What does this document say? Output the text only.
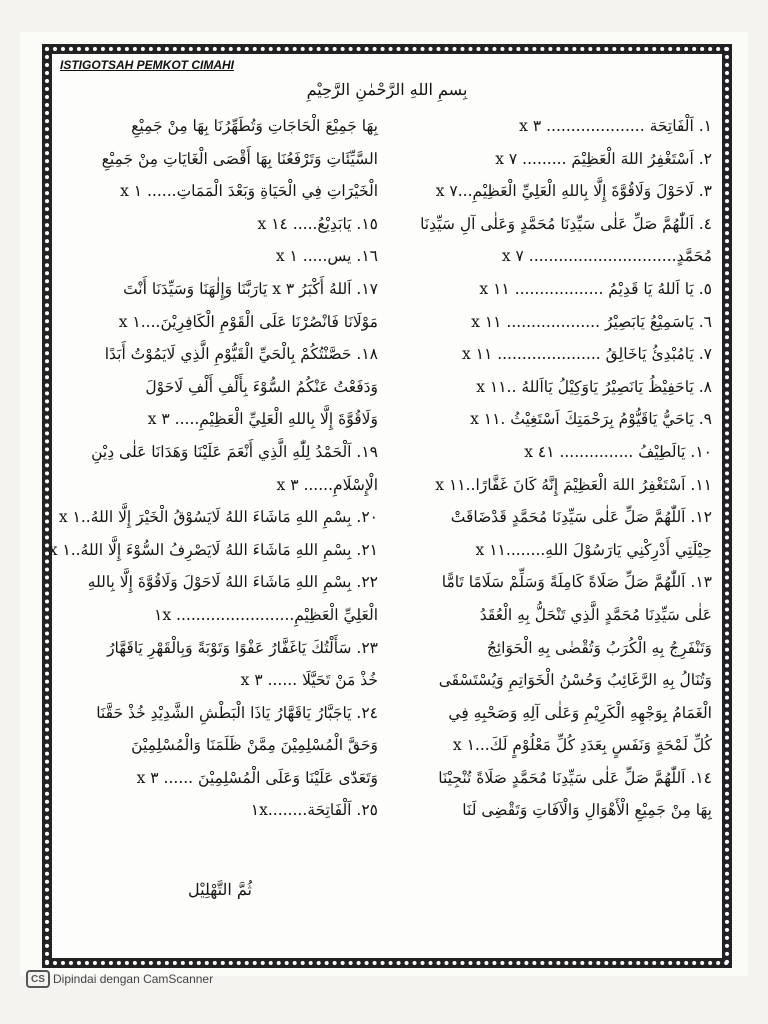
ISTIGOTSAH PEMKOT CIMAHI
بِسمِ اللهِ الرَّحْمٰنِ الرَّحِيْمِ
١. اَلْفَاتِحَة .................... ٣ x
٢. اَسْتَغْفِرُ اللهَ الْعَظِيْمَ ......... ٧ x
٣. لَاحَوْلَ وَلَاقُوَّةَ إِلَّا بِاللهِ الْعَلِيِّ الْعَظِيْمِ...٧ x
٤. اَللّٰهُمَّ صَلِّ عَلٰى سَيِّدِنَا مُحَمَّدٍ وَعَلٰى آلِ سَيِّدِنَا
مُحَمَّدٍ.............................. ٧ x
٥. يَا اَللهُ يَا قَدِيْمُ .................. ١١ x
٦. يَاسَمِيْعُ يَابَصِيْرُ ................... ١١ x
٧. يَامُبْدِئُ يَاخَالِقُ ..................... ١١ x
٨. يَاحَفِيْظُ يَانَصِيْرُ يَاوَكِيْلُ يَااَللهُ ..١١ x
٩. يَاحَيُّ يَاقَيُّوْمُ بِرَحْمَتِكَ اَسْتَغِيْثُ .١١ x
١٠. يَالَطِيْفُ ............... ٤١ x
١١. اَسْتَغْفِرُ اللهَ الْعَظِيْمَ إِنَّهُ كَانَ غَفَّارًا..١١ x
١٢. اَللّٰهُمَّ صَلِّ عَلٰى سَيِّدِنَا مُحَمَّدٍ قَدْضَاقَتْ
حِيْلَتِي أَدْرِكْنِي يَارَسُوْلَ اللهِ........١١ x
١٣. اَللّٰهُمَّ صَلِّ صَلَاةً كَامِلَةً وَسَلِّمْ سَلَامًا تَامًّا
عَلٰى سَيِّدِنَا مُحَمَّدٍ الَّذِي تَنْحَلُّ بِهِ الْعُقَدُ
وَتَنْفَرِجُ بِهِ الْكُرَبُ وَتُقْضٰى بِهِ الْحَوَائِجُ
وَتُنَالُ بِهِ الرَّغَائِبُ وَحُسْنُ الْخَوَاتِمِ وَيُسْتَسْقَى
الْغَمَامُ بِوَجْهِهِ الْكَرِيْمِ وَعَلٰى آلِهِ وَصَحْبِهِ فِي
كُلِّ لَمْحَةٍ وَنَفَسٍ بِعَدَدِ كُلِّ مَعْلُوْمٍ لَكَ...١ x
١٤. اَللّٰهُمَّ صَلِّ عَلٰى سَيِّدِنَا مُحَمَّدٍ صَلَاةً تُنْجِيْنَا
بِهَا مِنْ جَمِيْعِ الْأَهْوَالِ وَالْآفَاتِ وَتَقْضِى لَنَا
بِهَا جَمِيْعَ الْحَاجَاتِ وَتُطَهِّرُنَا بِهَا مِنْ جَمِيْعِ
السَّيِّئَاتِ وَتَرْفَعُنَا بِهَا أَقْصَى الْغَايَاتِ مِنْ جَمِيْعِ
الْخَيْرَاتِ فِي الْحَيَاةِ وَبَعْدَ الْمَمَاتِ...... ١ x
١٥. يَابَدِيْعُ..... ١٤ x
١٦. يس..... ١ x
١٧. اَللهُ أَكْبَرُ ٣ x يَارَبَّنَا وَإِلٰهَنَا وَسَيِّدَنَا أَنْتَ
مَوْلَانَا فَانْصُرْنَا عَلَى الْقَوْمِ الْكَافِرِيْنَ....١ x
١٨. حَصَّنْتُكُمْ بِالْحَيِّ الْقَيُّوْمِ الَّذِي لَايَمُوْتُ أَبَدًا
وَدَفَعْتُ عَنْكُمُ السُّوْءَ بِأَلْفِ أَلْفِ لَاحَوْلَ
وَلَاقُوَّةَ إِلَّا بِاللهِ الْعَلِيِّ الْعَظِيْمِ..... ٣ x
١٩. اَلْحَمْدُ لِلّٰهِ الَّذِي أَنْعَمَ عَلَيْنَا وَهَدَانَا عَلٰى دِيْنِ
الْإِسْلَامِ...... ٣ x
٢٠. بِسْمِ اللهِ مَاشَاءَ اللهُ لَايَسُوْقُ الْخَيْرَ إِلَّا اللهُ..١ x
٢١. بِسْمِ اللهِ مَاشَاءَ اللهُ لَايَصْرِفُ السُّوْءَ إِلَّا اللهُ..١ x
٢٢. بِسْمِ اللهِ مَاشَاءَ اللهُ لَاحَوْلَ وَلَاقُوَّةَ إِلَّا بِاللهِ
الْعَلِيِّ الْعَظِيْمِ........................ ١x
٢٣. سَأَلْتُكَ يَاغَفَّارُ عَفْوًا وَتَوْبَةً وَبِالْقَهْرِ يَاقَهَّارُ
خُذْ مَنْ تَحَيَّلَا ...... ٣ x
٢٤. يَاجَبَّارُ يَاقَهَّارُ يَاذَا الْبَطْشِ الشَّدِيْدِ خُذْ حَقَّنَا
وَحَقَّ الْمُسْلِمِيْنَ مِمَّنْ ظَلَمَنَا وَالْمُسْلِمِيْنَ
وَتَعَدّٰى عَلَيْنَا وَعَلَى الْمُسْلِمِيْنَ ...... ٣ x
٢٥. اَلْفَاتِحَة........١x
ثُمَّ التَّهْلِيْل
CS Dipindai dengan CamScanner
